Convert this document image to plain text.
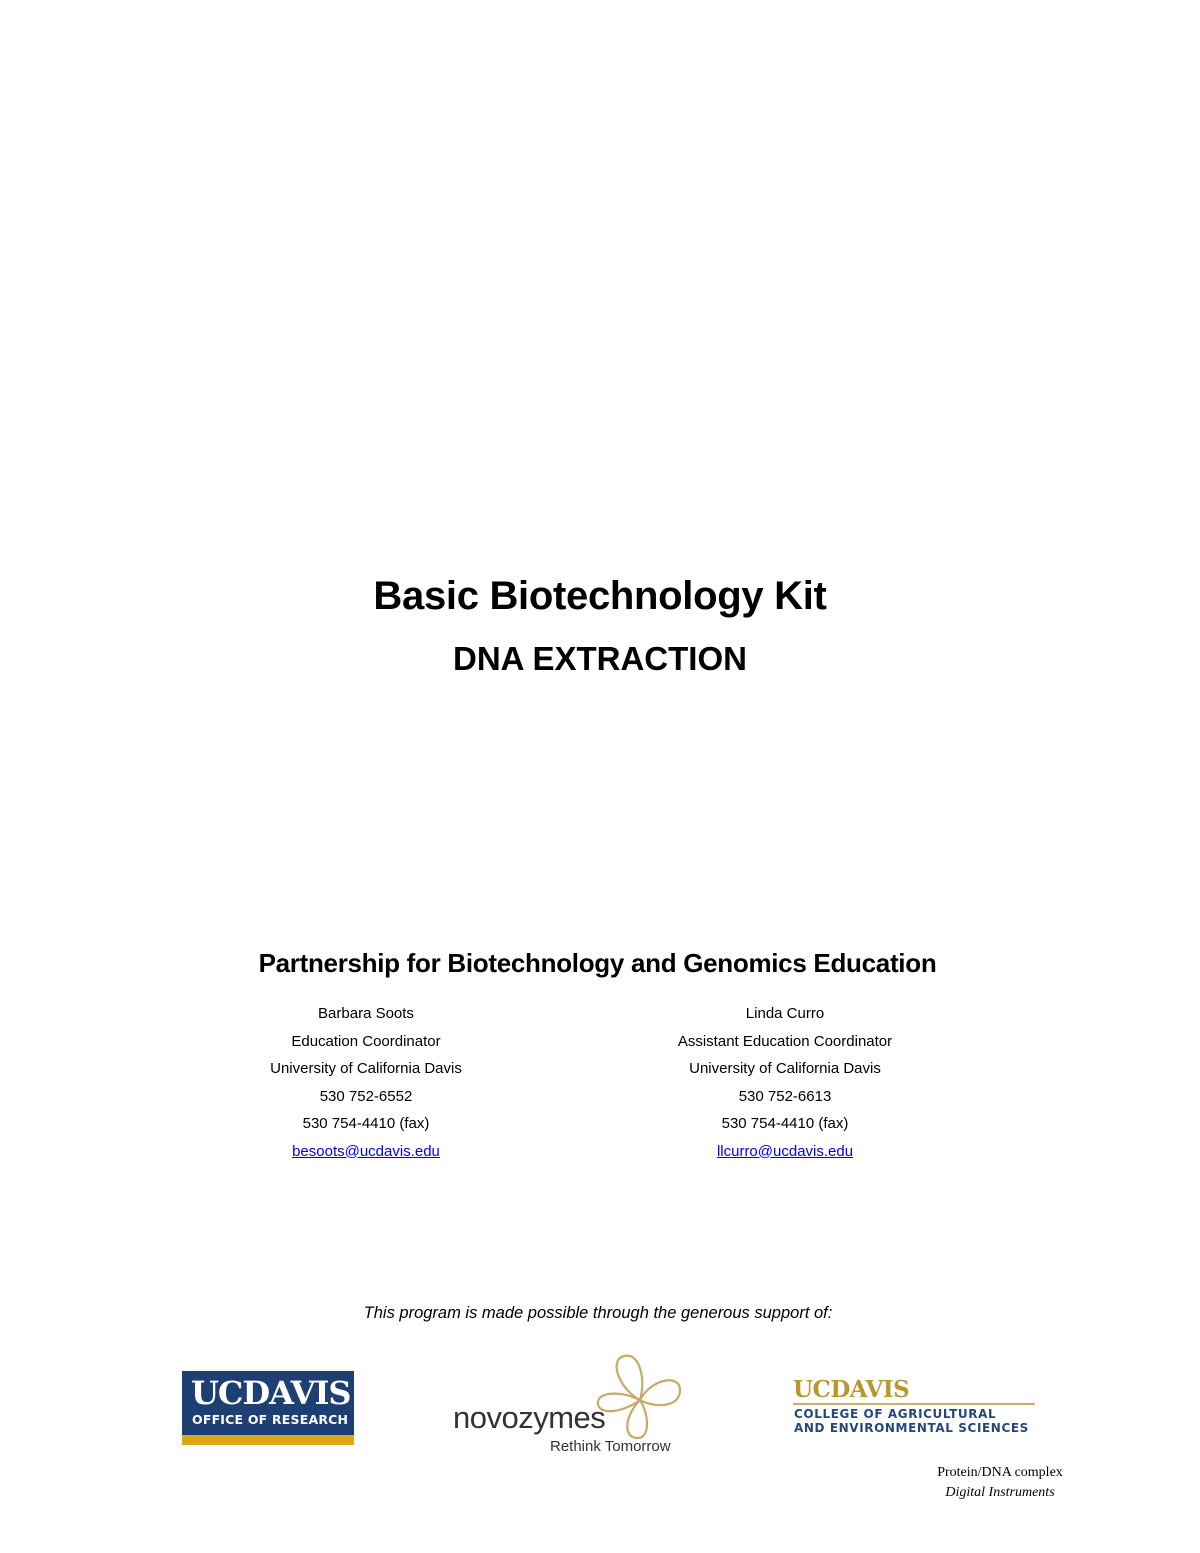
Basic Biotechnology Kit
DNA EXTRACTION
Partnership for Biotechnology and Genomics Education
Barbara Soots
Education Coordinator
University of California Davis
530 752-6552
530 754-4410 (fax)
besoots@ucdavis.edu
Linda Curro
Assistant Education Coordinator
University of California Davis
530 752-6613
530 754-4410 (fax)
llcurro@ucdavis.edu
This program is made possible through the generous support of:
UCDAVIS
OFFICE OF RESEARCH	novozymes
Rethink Tomorrow
UCDAVIS
COLLEGE OF AGRICULTURAL
AND ENVIRONMENTAL SCIENCES
Protein/DNA complex
Digital Instruments
